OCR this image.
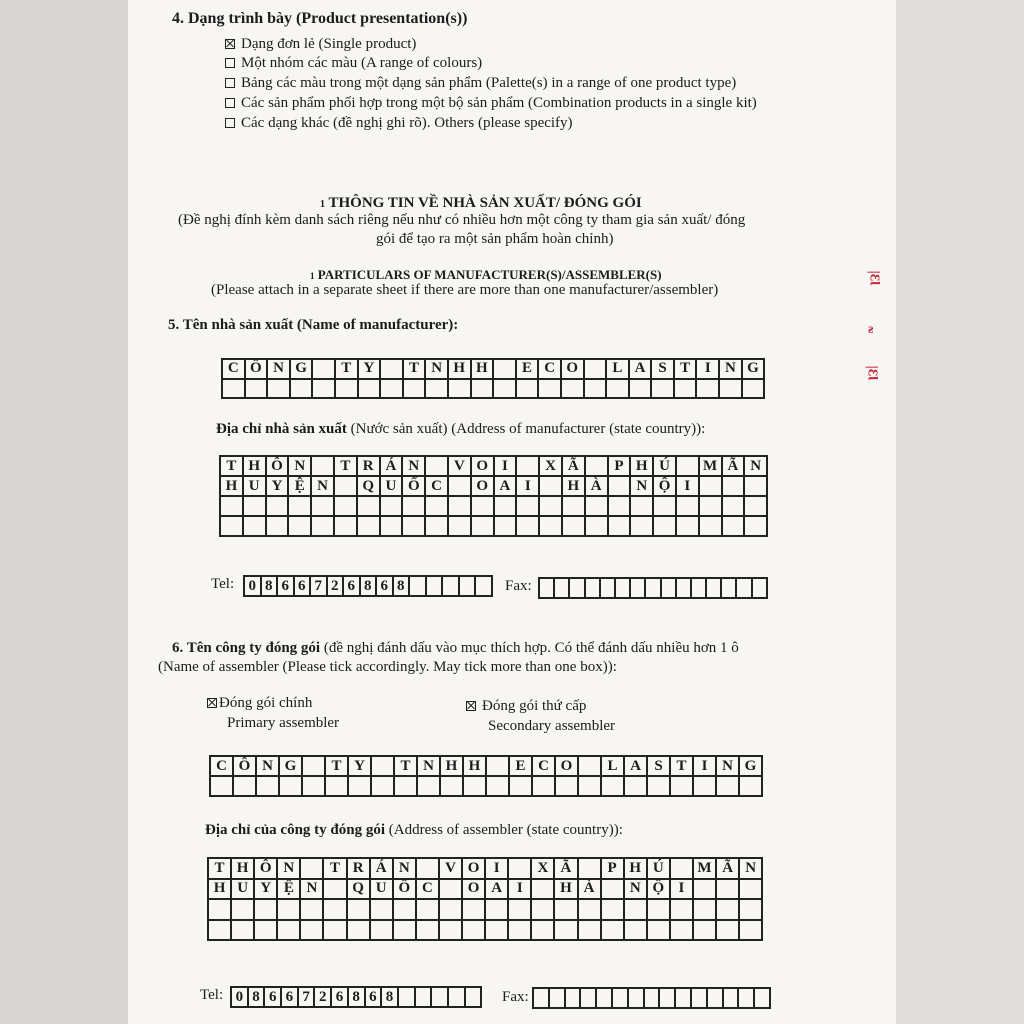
4. Dạng trình bày (Product presentation(s))
Dạng đơn lẻ (Single product)
Một nhóm các màu (A range of colours)
Bảng các màu trong một dạng sản phẩm (Palette(s) in a range of one product type)
Các sản phẩm phối hợp trong một bộ sản phẩm (Combination products in a single kit)
Các dạng khác (đề nghị ghi rõ). Others (please specify)
1 THÔNG TIN VỀ NHÀ SẢN XUẤT/ ĐÓNG GÓI
(Đề nghị đính kèm danh sách riêng nếu như có nhiều hơn một công ty tham gia sản xuất/ đóng
gói để tạo ra một sản phẩm hoàn chỉnh)
1 PARTICULARS OF MANUFACTURER(S)/ASSEMBLER(S)
(Please attach in a separate sheet if there are more than one manufacturer/assembler)
5. Tên nhà sản xuất (Name of manufacturer):
C Ô N G	T Y	T N H H	E C O	L A S T I N G
Địa chỉ nhà sản xuất (Nước sản xuất) (Address of manufacturer (state country)):
T H Ô N	T R Á N	V O I	X Ã	P H Ú	M Ã N
H U Y Ệ N	Q U Ố C	O A I	H À	N Ộ I
Tel: 0 8 6 6 7 2 6 8 6 8	Fax:
6. Tên công ty đóng gói (đề nghị đánh dấu vào mục thích hợp. Có thể đánh dấu nhiều hơn 1 ô
(Name of assembler (Please tick accordingly. May tick more than one box)):
Đóng gói chính
Primary assembler
Đóng gói thứ cấp
Secondary assembler
C Ô N G	T Y	T N H H	E C O	L A S T	I N G
Địa chỉ của công ty đóng gói (Address of assembler (state country)):
T H Ô N	T R Á N	V O I	X Ã	P H Ú	M Ã N
H U Y Ệ N	Q U Ố C	O A I	H À	N Ộ I
Tel: 0 8 6 6 7 2 6 8 6 8	Fax:
|ƐƖ
ƨ
|ƐƖ
